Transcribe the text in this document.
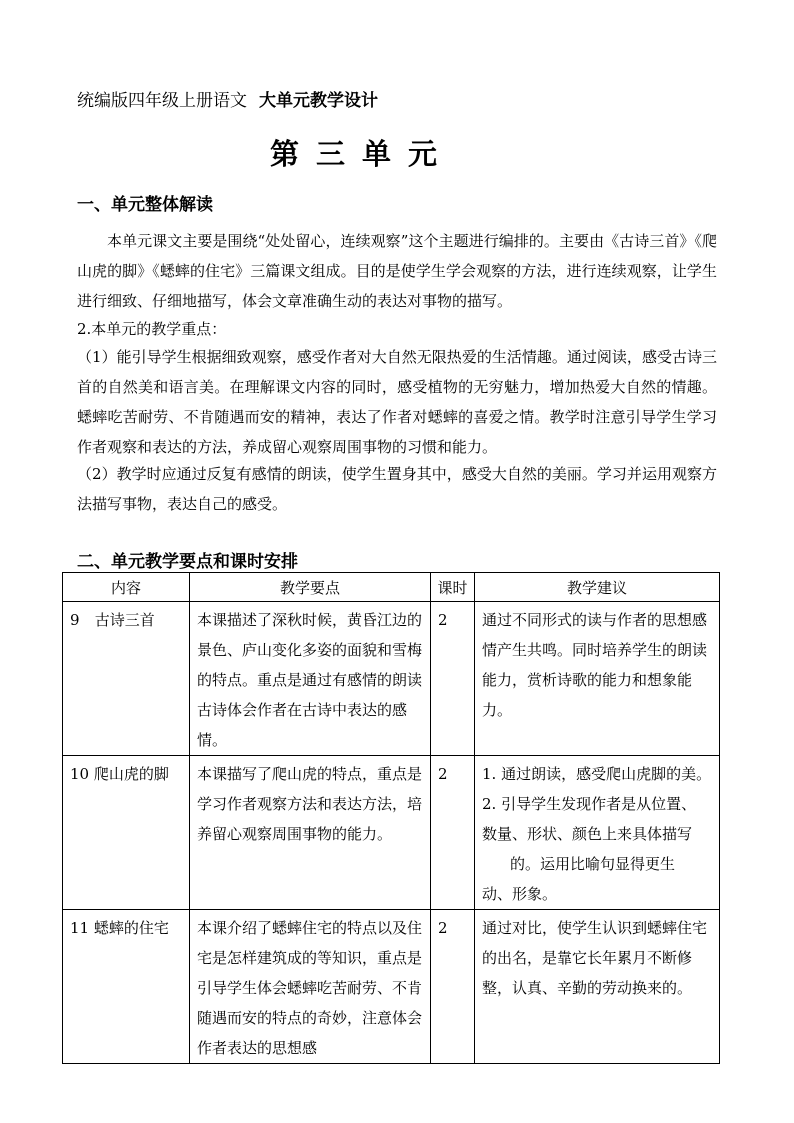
统编版四年级上册语文 大单元教学设计
第三单元
一、单元整体解读
本单元课文主要是围绕“处处留心，连续观察”这个主题进行编排的。主要由《古诗三首》《爬山虎的脚》《蟋蟀的住宅》三篇课文组成。目的是使学生学会观察的方法，进行连续观察，让学生进行细致、仔细地描写，体会文章准确生动的表达对事物的描写。
2.本单元的教学重点：
（1）能引导学生根据细致观察，感受作者对大自然无限热爱的生活情趣。通过阅读，感受古诗三首的自然美和语言美。在理解课文内容的同时，感受植物的无穷魅力，增加热爱大自然的情趣。蟋蟀吃苦耐劳、不肯随遇而安的精神，表达了作者对蟋蟀的喜爱之情。教学时注意引导学生学习作者观察和表达的方法，养成留心观察周围事物的习惯和能力。
（2）教学时应通过反复有感情的朗读，使学生置身其中，感受大自然的美丽。学习并运用观察方法描写事物，表达自己的感受。
二、单元教学要点和课时安排
内容	教学要点	课时	教学建议

9 古诗三首	本课描述了深秋时候，黄昏江边的景色、庐山变化多姿的面貌和雪梅的特点。重点是通过有感情的朗读古诗体会作者在古诗中表达的感情。	2	通过不同形式的读与作者的思想感情产生共鸣。同时培养学生的朗读能力，赏析诗歌的能力和想象能力。

10 爬山虎的脚	本课描写了爬山虎的特点，重点是学习作者观察方法和表达方法，培养留心观察周围事物的能力。	2	1. 通过朗读，感受爬山虎脚的美。
2. 引导学生发现作者是从位置、
数量、形状、颜色上来具体描写
的。运用比喻句显得更生
动、形象。

11 蟋蟀的住宅	本课介绍了蟋蟀住宅的特点以及住宅是怎样建筑成的等知识，重点是引导学生体会蟋蟀吃苦耐劳、不肯随遇而安的特点的奇妙，注意体会作者表达的思想感	2	通过对比，使学生认识到蟋蟀住宅的出名，是靠它长年累月不断修整，认真、辛勤的劳动换来的。
